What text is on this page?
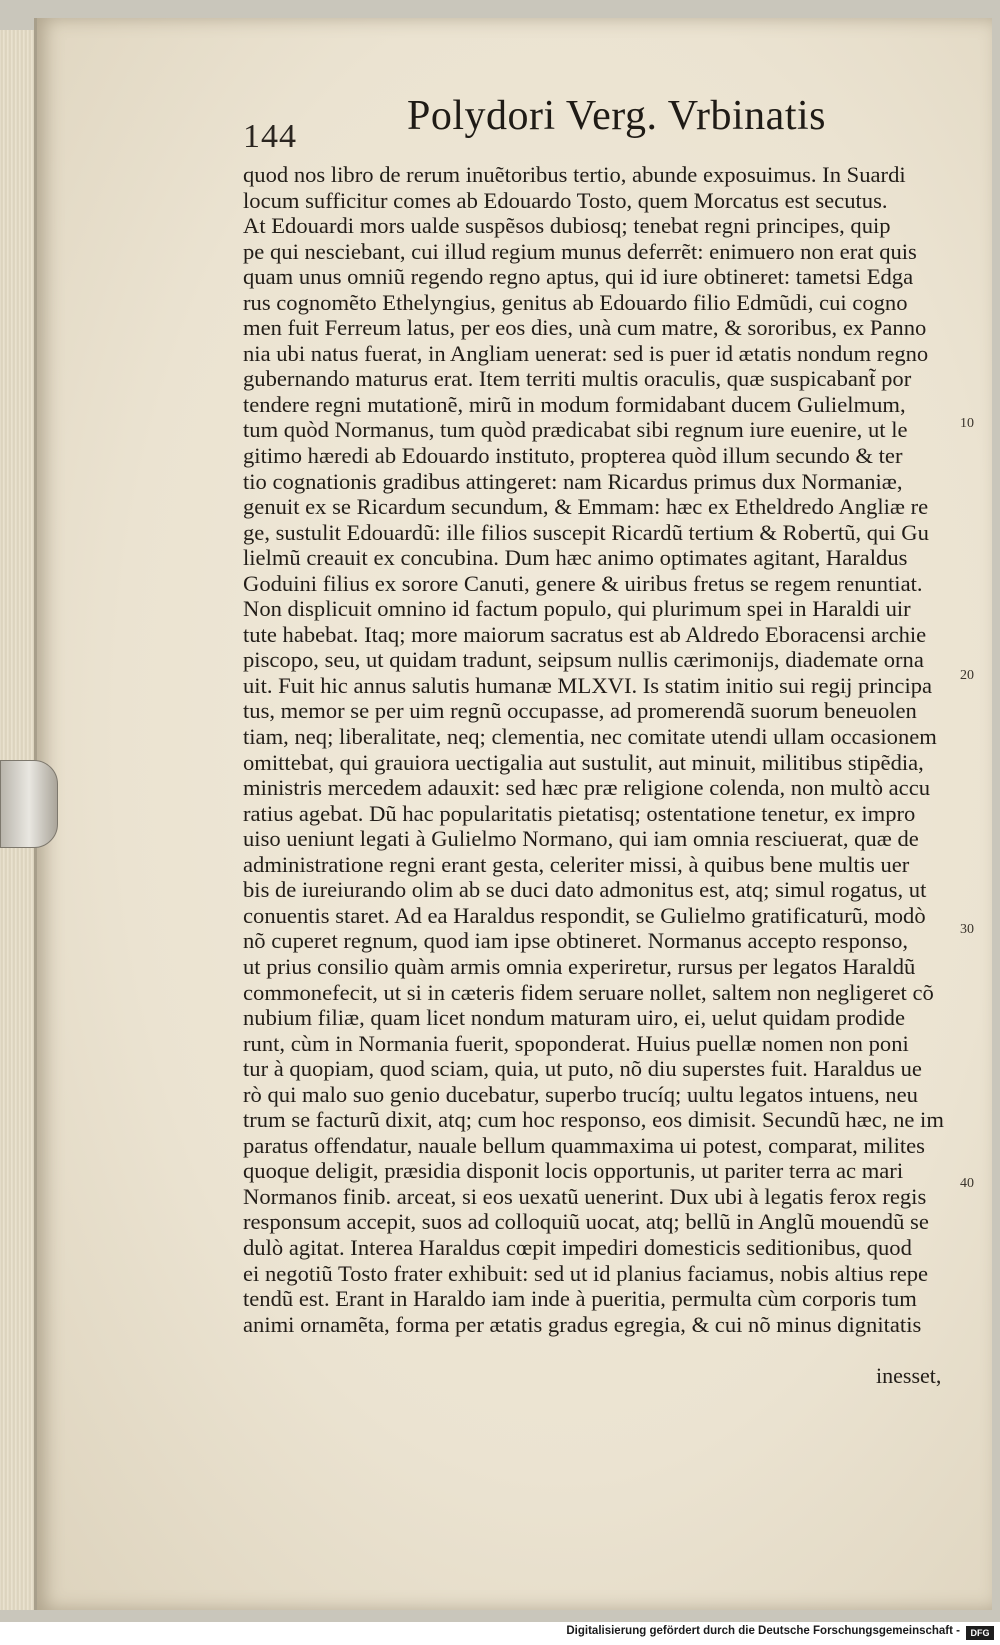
144	Polydori Verg. Vrbinatis
quod nos libro de rerum inuẽtoribus tertio, abunde exposuimus. In Suardi
locum sufficitur comes ab Edouardo Tosto, quem Morcatus est secutus.
At Edouardi mors ualde suspẽsos dubiosq; tenebat regni principes, quip
pe qui nesciebant, cui illud regium munus deferrẽt: enimuero non erat quis
quam unus omniũ regendo regno aptus, qui id iure obtineret: tametsi Edga
rus cognomẽto Ethelyngius, genitus ab Edouardo filio Edmũdi, cui cogno
men fuit Ferreum latus, per eos dies, unà cum matre, & sororibus, ex Panno
nia ubi natus fuerat, in Angliam uenerat: sed is puer id ætatis nondum regno
gubernando maturus erat. Item territi multis oraculis, quæ suspicabant̃ por
tendere regni mutationẽ, mirũ in modum formidabant ducem Gulielmum,
tum quòd Normanus, tum quòd prædicabat sibi regnum iure euenire, ut le
gitimo hæredi ab Edouardo instituto, propterea quòd illum secundo & ter
tio cognationis gradibus attingeret: nam Ricardus primus dux Normaniæ,
genuit ex se Ricardum secundum, & Emmam: hæc ex Etheldredo Angliæ re
ge, sustulit Edouardũ: ille filios suscepit Ricardũ tertium & Robertũ, qui Gu
lielmũ creauit ex concubina. Dum hæc animo optimates agitant, Haraldus
Goduini filius ex sorore Canuti, genere & uiribus fretus se regem renuntiat.
Non displicuit omnino id factum populo, qui plurimum spei in Haraldi uir
tute habebat. Itaq; more maiorum sacratus est ab Aldredo Eboracensi archie
piscopo, seu, ut quidam tradunt, seipsum nullis cærimonijs, diademate orna
uit. Fuit hic annus salutis humanæ MLXVI. Is statim initio sui regij principa
tus, memor se per uim regnũ occupasse, ad promerendã suorum beneuolen
tiam, neq; liberalitate, neq; clementia, nec comitate utendi ullam occasionem
omittebat, qui grauiora uectigalia aut sustulit, aut minuit, militibus stipẽdia,
ministris mercedem adauxit: sed hæc præ religione colenda, non multò accu
ratius agebat. Dũ hac popularitatis pietatisq; ostentatione tenetur, ex impro
uiso ueniunt legati à Gulielmo Normano, qui iam omnia resciuerat, quæ de
administratione regni erant gesta, celeriter missi, à quibus bene multis uer
bis de iureiurando olim ab se duci dato admonitus est, atq; simul rogatus, ut
conuentis staret. Ad ea Haraldus respondit, se Gulielmo gratificaturũ, modò
nõ cuperet regnum, quod iam ipse obtineret. Normanus accepto responso,
ut prius consilio quàm armis omnia experiretur, rursus per legatos Haraldũ
commonefecit, ut si in cæteris fidem seruare nollet, saltem non negligeret cõ
nubium filiæ, quam licet nondum maturam uiro, ei, uelut quidam prodide
runt, cùm in Normania fuerit, spoponderat. Huius puellæ nomen non poni
tur à quopiam, quod sciam, quia, ut puto, nõ diu superstes fuit. Haraldus ue
rò qui malo suo genio ducebatur, superbo trucíq; uultu legatos intuens, neu
trum se facturũ dixit, atq; cum hoc responso, eos dimisit. Secundũ hæc, ne im
paratus offendatur, nauale bellum quammaxima ui potest, comparat, milites
quoque deligit, præsidia disponit locis opportunis, ut pariter terra ac mari
Normanos finib. arceat, si eos uexatũ uenerint. Dux ubi à legatis ferox regis
responsum accepit, suos ad colloquiũ uocat, atq; bellũ in Anglũ mouendũ se
dulò agitat. Interea Haraldus cœpit impediri domesticis seditionibus, quod
ei negotiũ Tosto frater exhibuit: sed ut id planius faciamus, nobis altius repe
tendũ est. Erant in Haraldo iam inde à pueritia, permulta cùm corporis tum
animi ornamẽta, forma per ætatis gradus egregia, & cui nõ minus dignitatis
10
20
30
40
inesset,
Digitalisierung gefördert durch die Deutsche Forschungsgemeinschaft -	DFG
